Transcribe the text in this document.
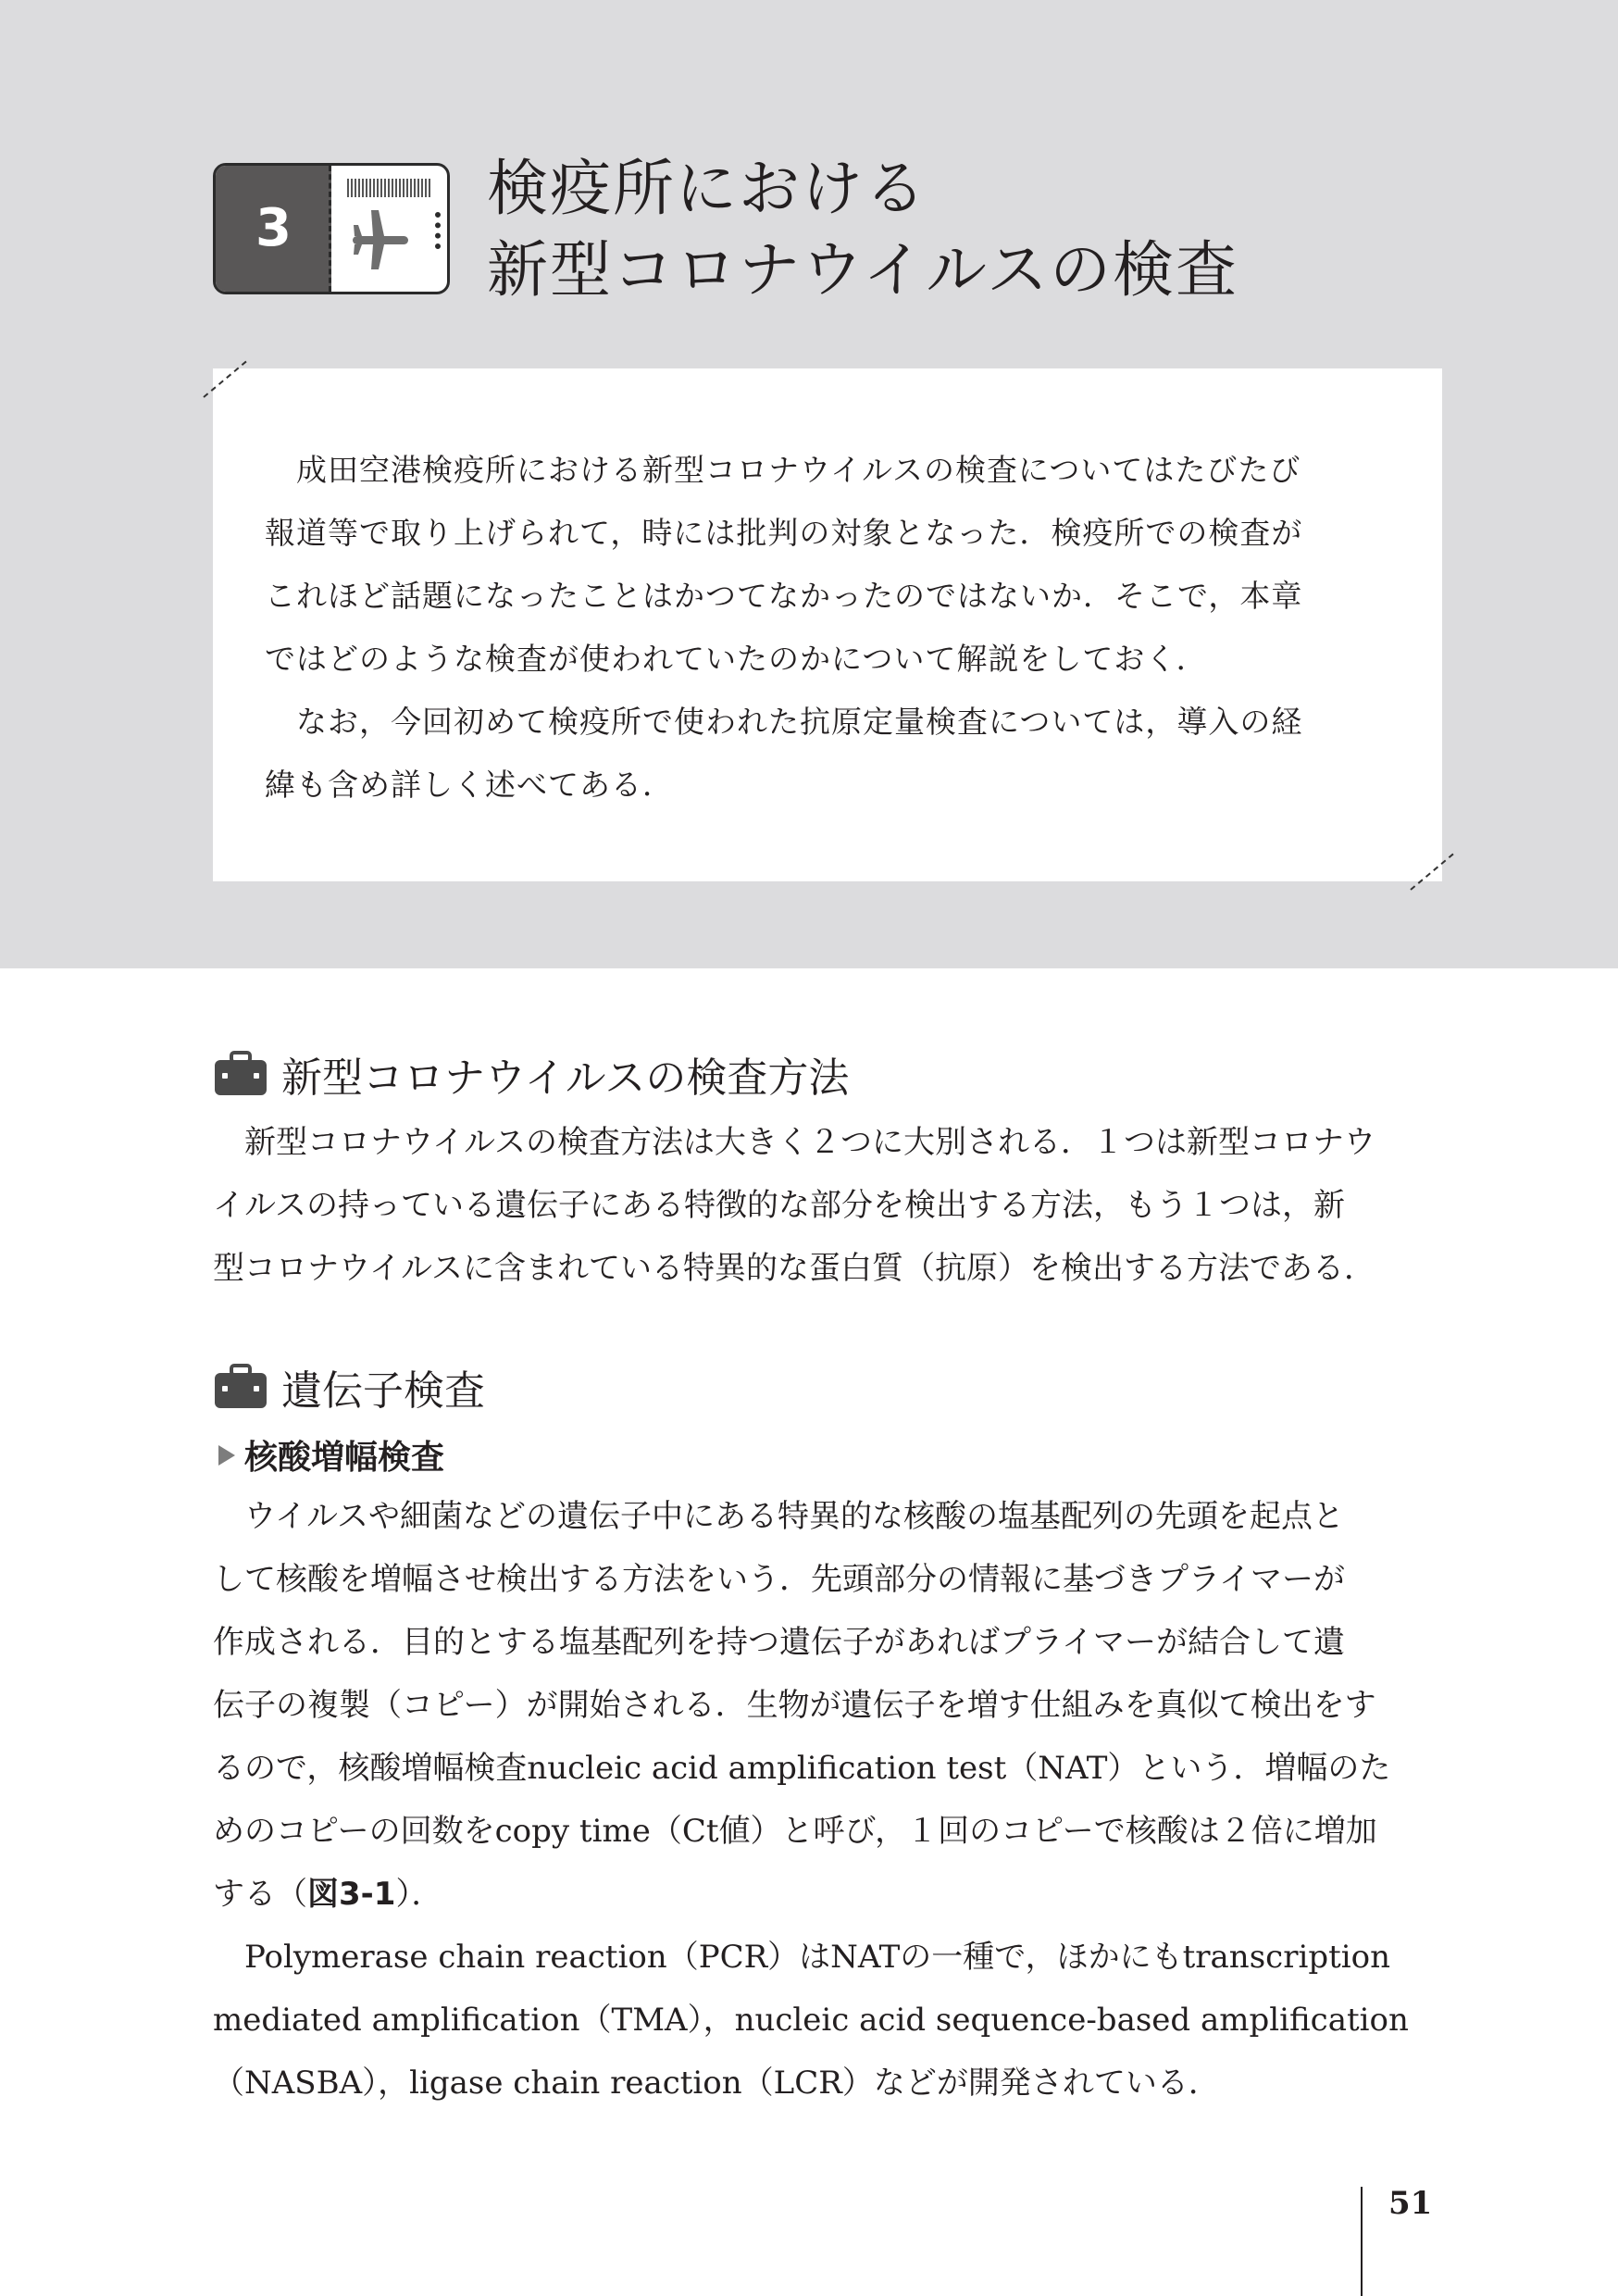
3
検疫所における
新型コロナウイルスの検査

成田空港検疫所における新型コロナウイルスの検査についてはたびたび

報道等で取り上げられて，時には批判の対象となった．検疫所での検査が

これほど話題になったことはかつてなかったのではないか．そこで，本章

ではどのような検査が使われていたのかについて解説をしておく．

なお，今回初めて検疫所で使われた抗原定量検査については，導入の経

緯も含め詳しく述べてある．

新型コロナウイルスの検査方法

新型コロナウイルスの検査方法は大きく２つに大別される．１つは新型コロナウ

イルスの持っている遺伝子にある特徴的な部分を検出する方法，もう１つは，新

型コロナウイルスに含まれている特異的な蛋白質（抗原）を検出する方法である．

遺伝子検査
核酸増幅検査

ウイルスや細菌などの遺伝子中にある特異的な核酸の塩基配列の先頭を起点と

して核酸を増幅させ検出する方法をいう．先頭部分の情報に基づきプライマーが

作成される．目的とする塩基配列を持つ遺伝子があればプライマーが結合して遺

伝子の複製（コピー）が開始される．生物が遺伝子を増す仕組みを真似て検出をす

るので，核酸増幅検査nucleic acid amplification test（NAT）という．増幅のた

めのコピーの回数をcopy time（Ct値）と呼び，１回のコピーで核酸は２倍に増加

する（図3-1）．

Polymerase chain reaction（PCR）はNATの一種で，ほかにもtranscription

mediated amplification（TMA），nucleic acid sequence-based amplification

（NASBA），ligase chain reaction（LCR）などが開発されている．

51
